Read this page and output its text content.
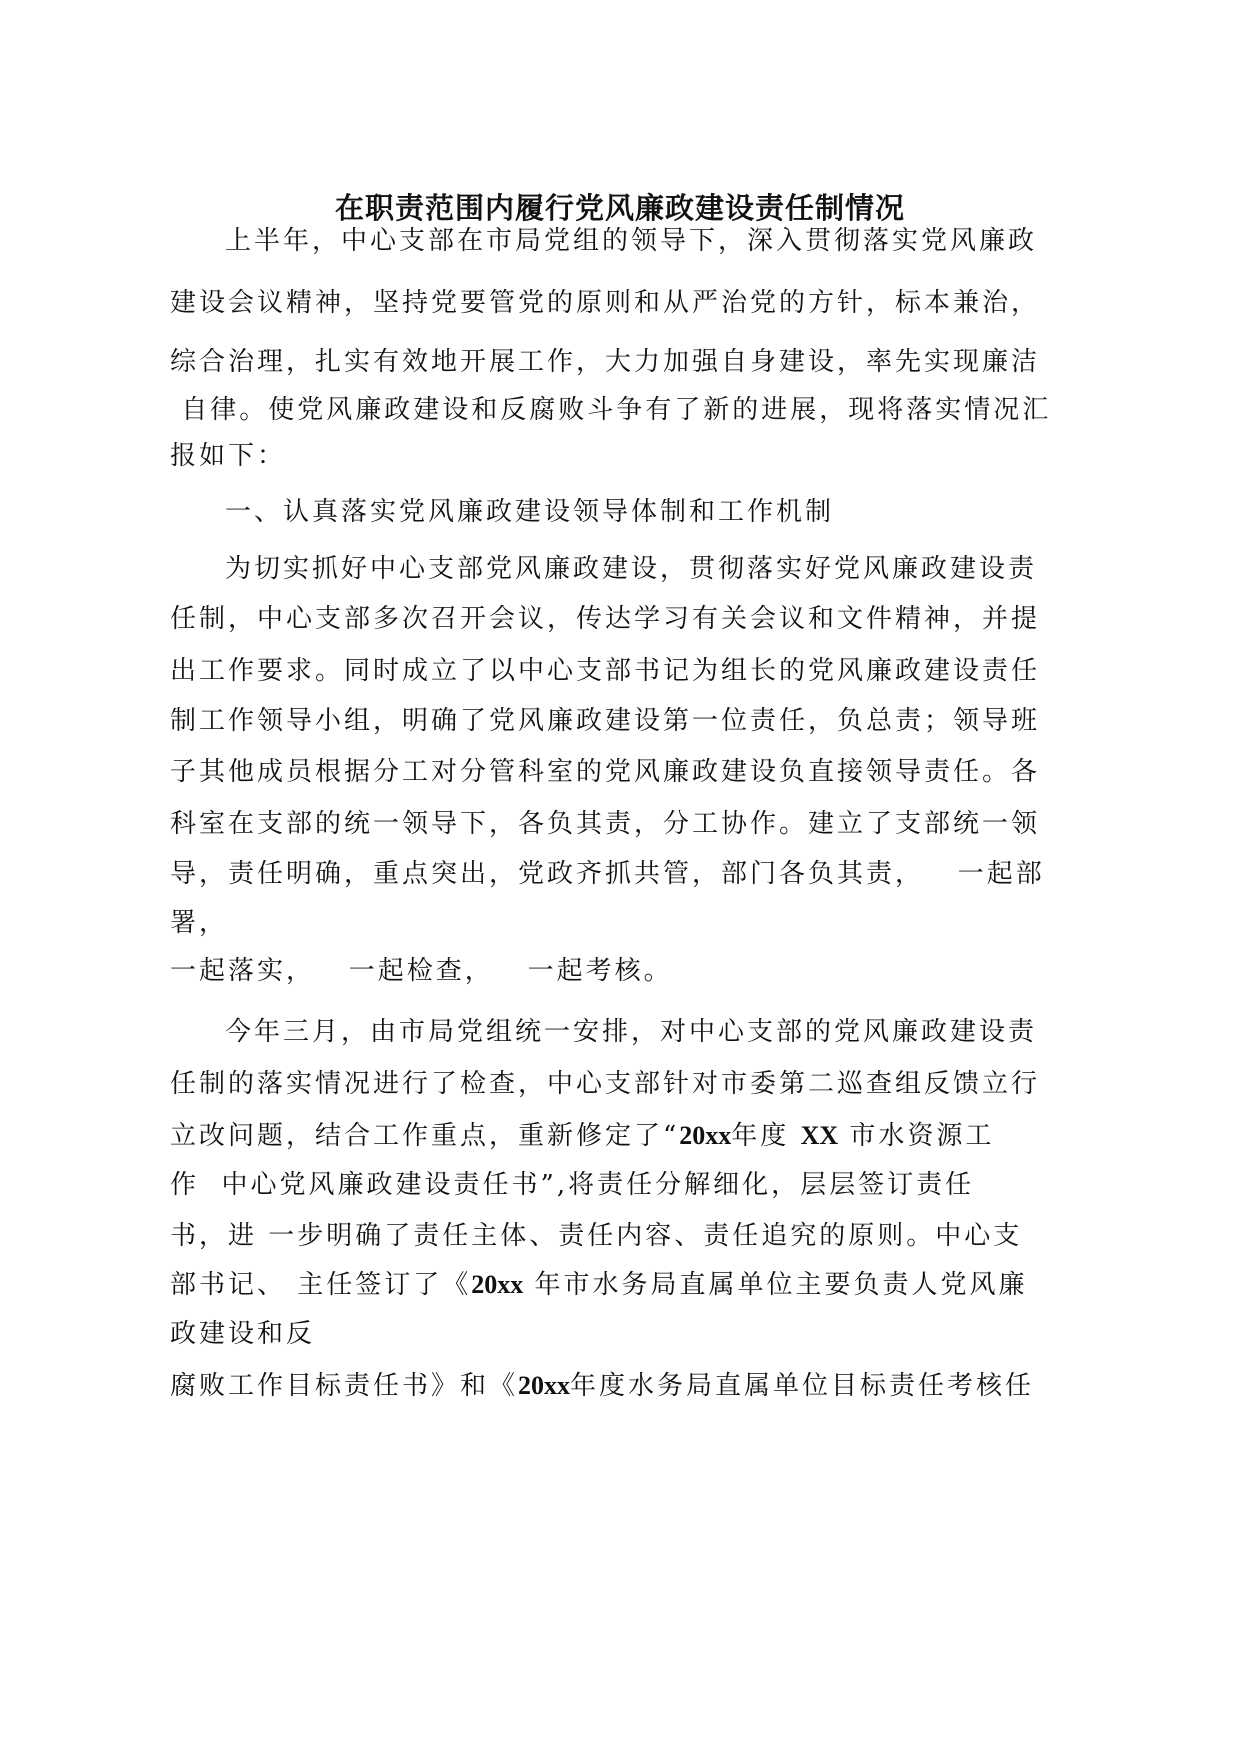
在职责范围内履行党风廉政建设责任制情况
上半年，中心支部在市局党组的领导下，深入贯彻落实党风廉政
建设会议精神，坚持党要管党的原则和从严治党的方针，标本兼治，
综合治理，扎实有效地开展工作，大力加强自身建设，率先实现廉洁
自律。使党风廉政建设和反腐败斗争有了新的进展，现将落实情况汇
报如下：
一、认真落实党风廉政建设领导体制和工作机制
为切实抓好中心支部党风廉政建设，贯彻落实好党风廉政建设责
任制，中心支部多次召开会议，传达学习有关会议和文件精神，并提
出工作要求。同时成立了以中心支部书记为组长的党风廉政建设责任
制工作领导小组，明确了党风廉政建设第一位责任，负总责；领导班
子其他成员根据分工对分管科室的党风廉政建设负直接领导责任。各
科室在支部的统一领导下，各负其责，分工协作。建立了支部统一领
导，责任明确，重点突出，党政齐抓共管，部门各负其责，   一起部
署，
一起落实，   一起检查，   一起考核。
今年三月，由市局党组统一安排，对中心支部的党风廉政建设责
任制的落实情况进行了检查，中心支部针对市委第二巡查组反馈立行
立改问题，结合工作重点，重新修定了“20xx年度 XX 市水资源工
作  中心党风廉政建设责任书”,将责任分解细化，层层签订责任
书，进 一步明确了责任主体、责任内容、责任追究的原则。中心支
部书记、 主任签订了《20xx 年市水务局直属单位主要负责人党风廉
政建设和反
腐败工作目标责任书》和《20xx年度水务局直属单位目标责任考核任
